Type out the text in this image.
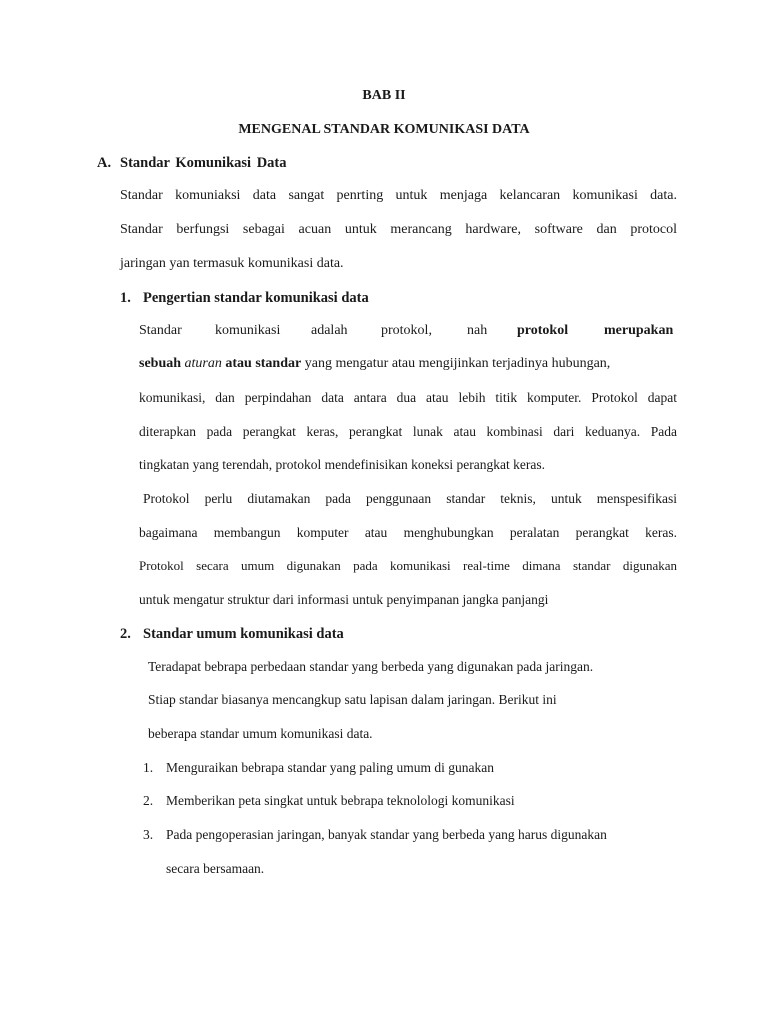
BAB II
MENGENAL STANDAR KOMUNIKASI DATA
A. Standar Komunikasi Data
Standar komuniaksi data sangat penrting untuk menjaga kelancaran komunikasi data.
Standar berfungsi sebagai acuan untuk merancang hardware, software dan protocol
jaringan yan termasuk komunikasi data.
1. Pengertian standar komunikasi data
Standar komunikasi adalah protokol,	nah protokol	merupakan
sebuah aturan atau standar yang mengatur atau mengijinkan terjadinya hubungan,
komunikasi, dan perpindahan data antara dua atau lebih titik komputer. Protokol dapat
diterapkan pada perangkat keras, perangkat lunak atau kombinasi dari keduanya. Pada
tingkatan yang terendah, protokol mendefinisikan koneksi perangkat keras.
Protokol perlu diutamakan pada penggunaan standar teknis, untuk menspesifikasi
bagaimana membangun komputer atau menghubungkan peralatan perangkat keras.
Protokol secara umum digunakan pada komunikasi real-time dimana standar digunakan
untuk mengatur struktur dari informasi untuk penyimpanan jangka panjangi
2. Standar umum komunikasi data
Teradapat bebrapa perbedaan standar yang berbeda yang digunakan pada jaringan.
Stiap standar biasanya mencangkup satu lapisan dalam jaringan. Berikut ini
beberapa standar umum komunikasi data.
1. Menguraikan bebrapa standar yang paling umum di gunakan
2. Memberikan peta singkat untuk bebrapa teknolologi komunikasi
3. Pada pengoperasian jaringan, banyak standar yang berbeda yang harus digunakan
secara bersamaan.
